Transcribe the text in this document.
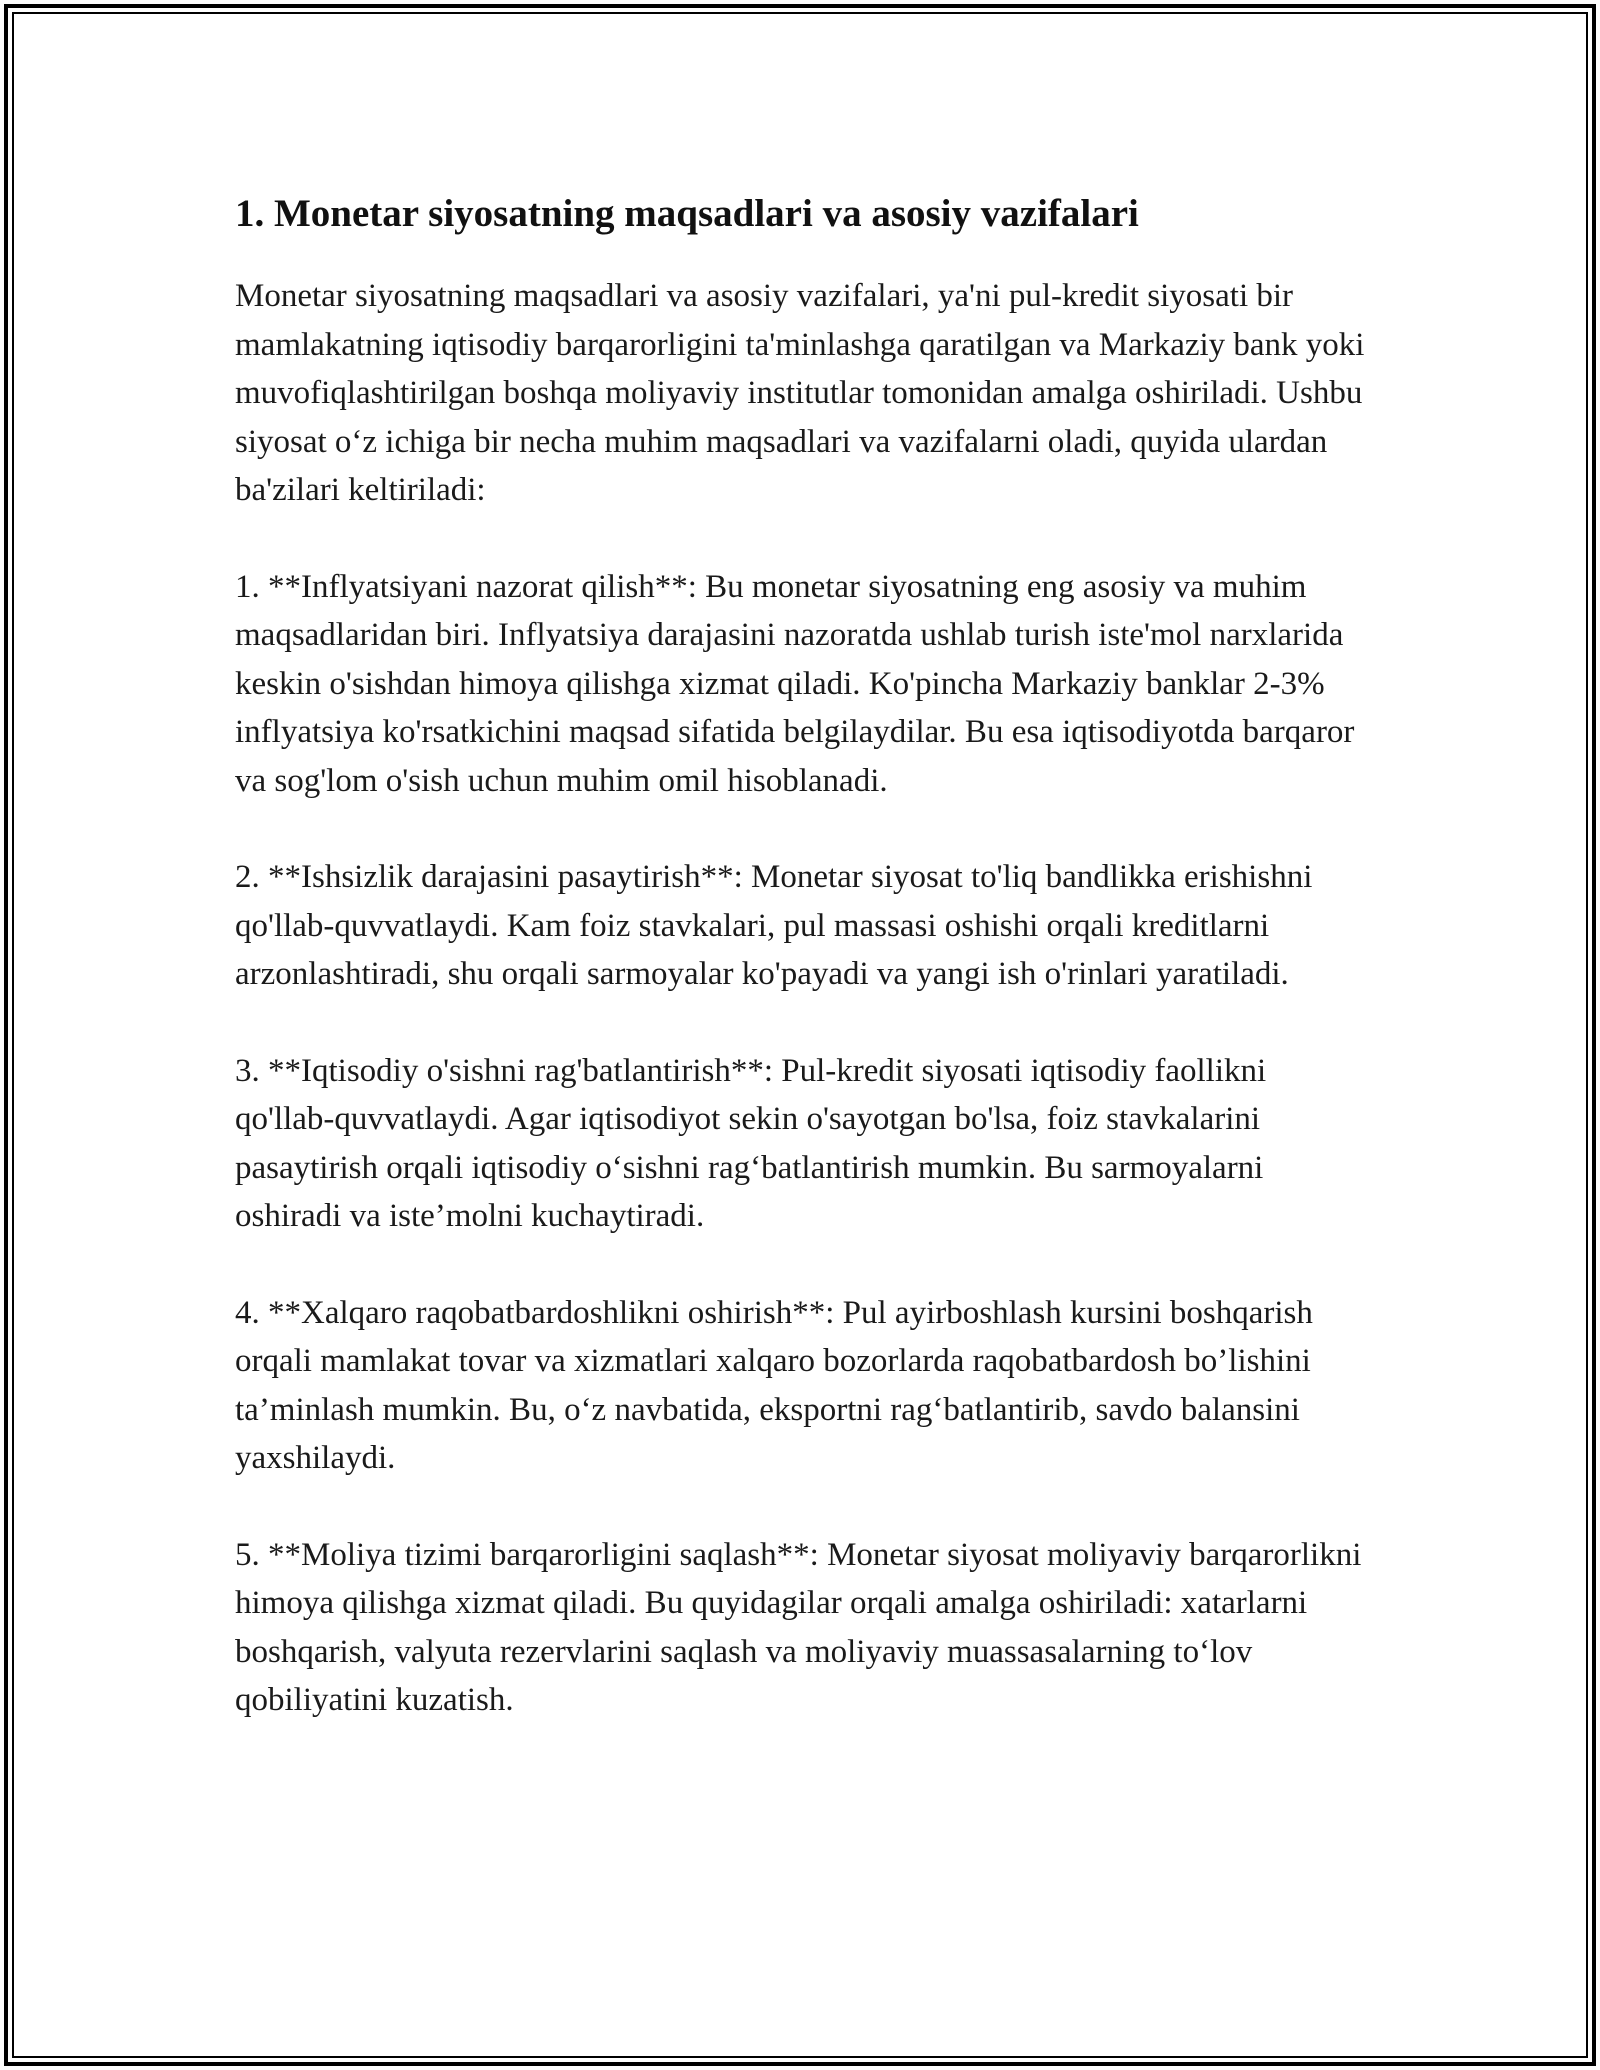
1. Monetar siyosatning maqsadlari va asosiy vazifalari

Monetar siyosatning maqsadlari va asosiy vazifalari, ya'ni pul-kredit siyosati bir mamlakatning iqtisodiy barqarorligini ta'minlashga qaratilgan va Markaziy bank yoki muvofiqlashtirilgan boshqa moliyaviy institutlar tomonidan amalga oshiriladi. Ushbu siyosat o‘z ichiga bir necha muhim maqsadlari va vazifalarni oladi, quyida ulardan ba'zilari keltiriladi:

1. **Inflyatsiyani nazorat qilish**: Bu monetar siyosatning eng asosiy va muhim maqsadlaridan biri. Inflyatsiya darajasini nazoratda ushlab turish iste'mol narxlarida keskin o'sishdan himoya qilishga xizmat qiladi. Ko'pincha Markaziy banklar 2-3% inflyatsiya ko'rsatkichini maqsad sifatida belgilaydilar. Bu esa iqtisodiyotda barqaror va sog'lom o'sish uchun muhim omil hisoblanadi.

2. **Ishsizlik darajasini pasaytirish**: Monetar siyosat to'liq bandlikka erishishni qo'llab-quvvatlaydi. Kam foiz stavkalari, pul massasi oshishi orqali kreditlarni arzonlashtiradi, shu orqali sarmoyalar ko'payadi va yangi ish o'rinlari yaratiladi.

3. **Iqtisodiy o'sishni rag'batlantirish**: Pul-kredit siyosati iqtisodiy faollikni qo'llab-quvvatlaydi. Agar iqtisodiyot sekin o'sayotgan bo'lsa, foiz stavkalarini pasaytirish orqali iqtisodiy o‘sishni rag‘batlantirish mumkin. Bu sarmoyalarni oshiradi va iste’molni kuchaytiradi.

4. **Xalqaro raqobatbardoshlikni oshirish**: Pul ayirboshlash kursini boshqarish orqali mamlakat tovar va xizmatlari xalqaro bozorlarda raqobatbardosh bo’lishini ta’minlash mumkin. Bu, o‘z navbatida, eksportni rag‘batlantirib, savdo balansini yaxshilaydi.

5. **Moliya tizimi barqarorligini saqlash**: Monetar siyosat moliyaviy barqarorlikni himoya qilishga xizmat qiladi. Bu quyidagilar orqali amalga oshiriladi: xatarlarni boshqarish, valyuta rezervlarini saqlash va moliyaviy muassasalarning to‘lov qobiliyatini kuzatish.
